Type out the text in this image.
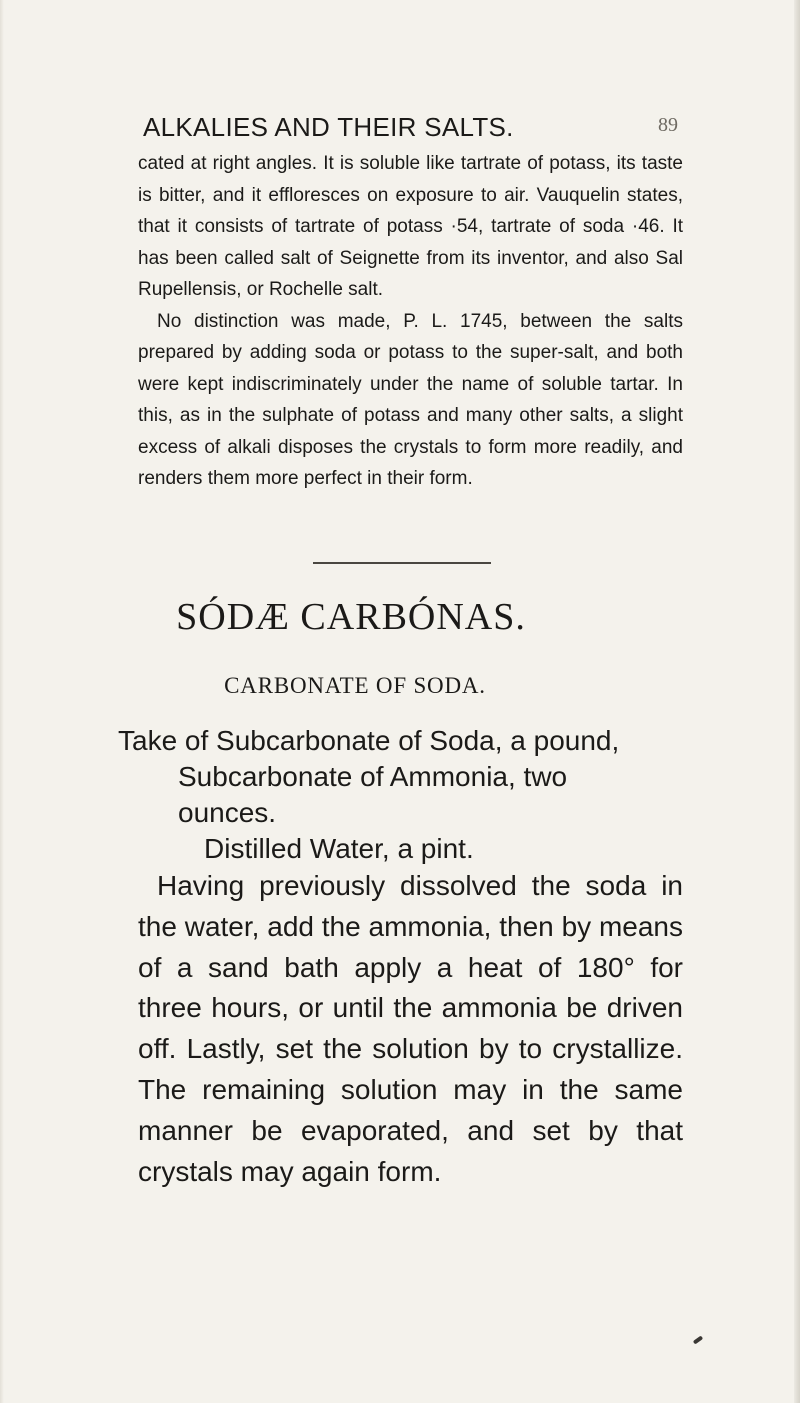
ALKALIES AND THEIR SALTS.	89

cated at right angles. It is soluble like tartrate of potass, its taste is bitter, and it effloresces on exposure to air. Vauquelin states, that it consists of tartrate of potass ·54, tartrate of soda ·46. It has been called salt of Seignette from its inventor, and also Sal Rupellensis, or Rochelle salt.

No distinction was made, P. L. 1745, between the salts prepared by adding soda or potass to the super-salt, and both were kept indiscriminately under the name of soluble tartar. In this, as in the sulphate of potass and many other salts, a slight excess of alkali disposes the crystals to form more readily, and renders them more perfect in their form.

SÓDÆ CARBÓNAS.
CARBONATE OF SODA.
Take of Subcarbonate of Soda, a pound,
Subcarbonate of Ammonia, two
ounces.
Distilled Water, a pint.

Having previously dissolved the soda in the water, add the ammonia, then by means of a sand bath apply a heat of 180° for three hours, or until the ammonia be driven off. Lastly, set the solution by to crystallize. The remaining solution may in the same manner be evaporated, and set by that crystals may again form.
